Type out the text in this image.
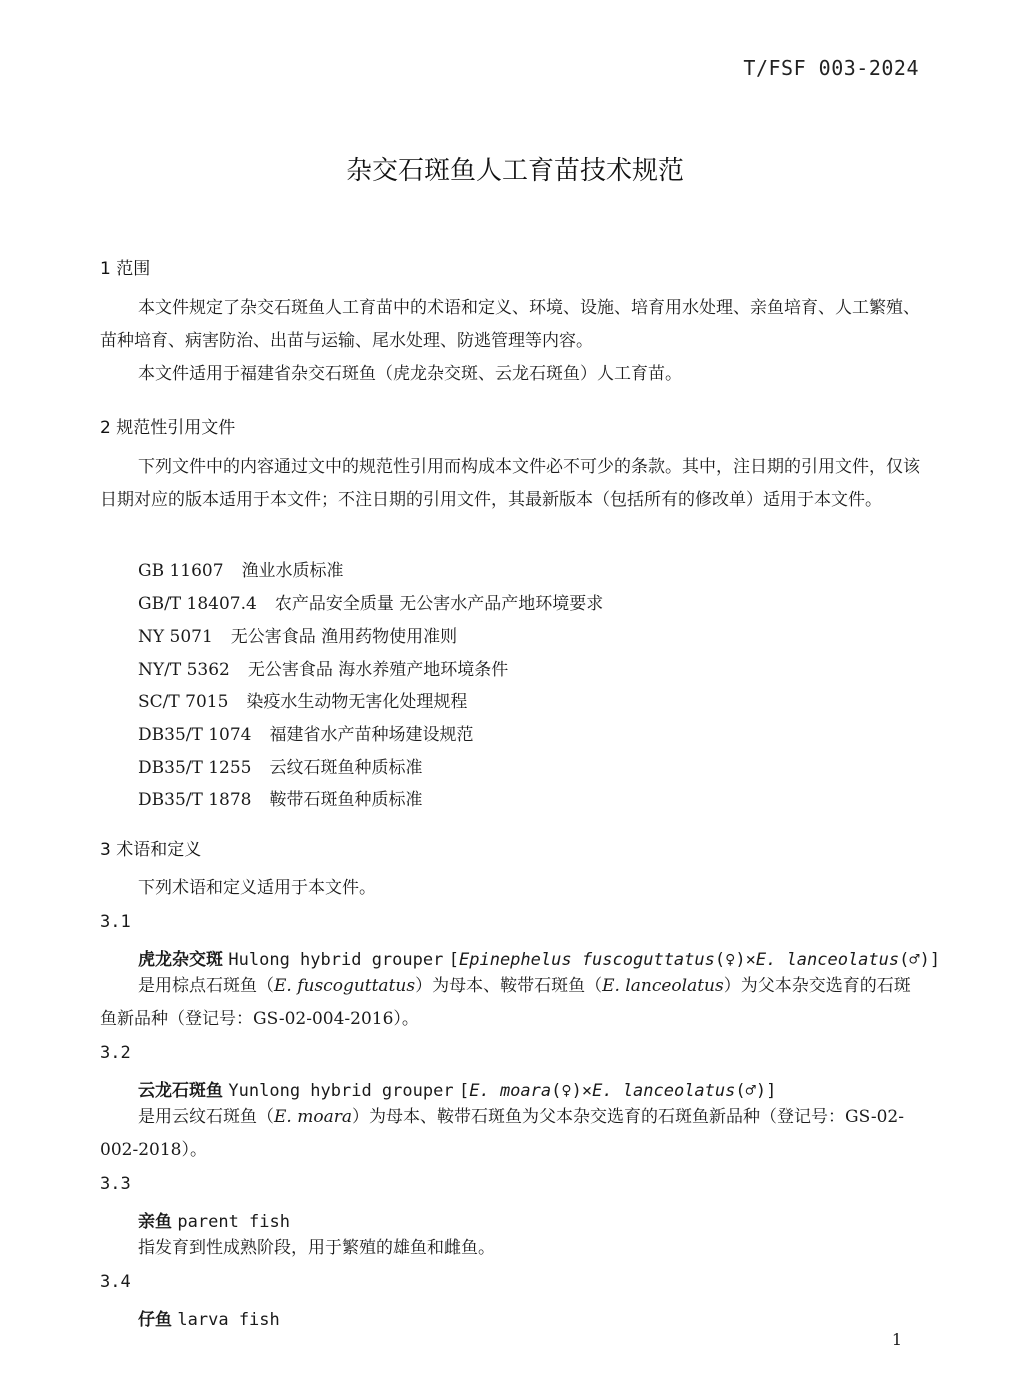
T/FSF 003-2024
杂交石斑鱼人工育苗技术规范
1 范围
本文件规定了杂交石斑鱼人工育苗中的术语和定义、环境、设施、培育用水处理、亲鱼培育、人工繁殖、苗种培育、病害防治、出苗与运输、尾水处理、防逃管理等内容。
本文件适用于福建省杂交石斑鱼（虎龙杂交斑、云龙石斑鱼）人工育苗。
2 规范性引用文件
下列文件中的内容通过文中的规范性引用而构成本文件必不可少的条款。其中，注日期的引用文件，仅该日期对应的版本适用于本文件；不注日期的引用文件，其最新版本（包括所有的修改单）适用于本文件。
GB 11607 渔业水质标准
GB/T 18407.4 农产品安全质量 无公害水产品产地环境要求
NY 5071 无公害食品 渔用药物使用准则
NY/T 5362 无公害食品 海水养殖产地环境条件
SC/T 7015 染疫水生动物无害化处理规程
DB35/T 1074 福建省水产苗种场建设规范
DB35/T 1255 云纹石斑鱼种质标准
DB35/T 1878 鞍带石斑鱼种质标准
3 术语和定义
下列术语和定义适用于本文件。
3.1
虎龙杂交斑 Hulong hybrid grouper [Epinephelus fuscoguttatus(♀)×E. lanceolatus(♂)]
是用棕点石斑鱼（E. fuscoguttatus）为母本、鞍带石斑鱼（E. lanceolatus）为父本杂交选育的石斑鱼新品种（登记号：GS-02-004-2016）。
3.2
云龙石斑鱼 Yunlong hybrid grouper [E. moara(♀)×E. lanceolatus(♂)]
是用云纹石斑鱼（E. moara）为母本、鞍带石斑鱼为父本杂交选育的石斑鱼新品种（登记号：GS-02-002-2018）。
3.3
亲鱼 parent fish
指发育到性成熟阶段，用于繁殖的雄鱼和雌鱼。
3.4
仔鱼 larva fish
1
